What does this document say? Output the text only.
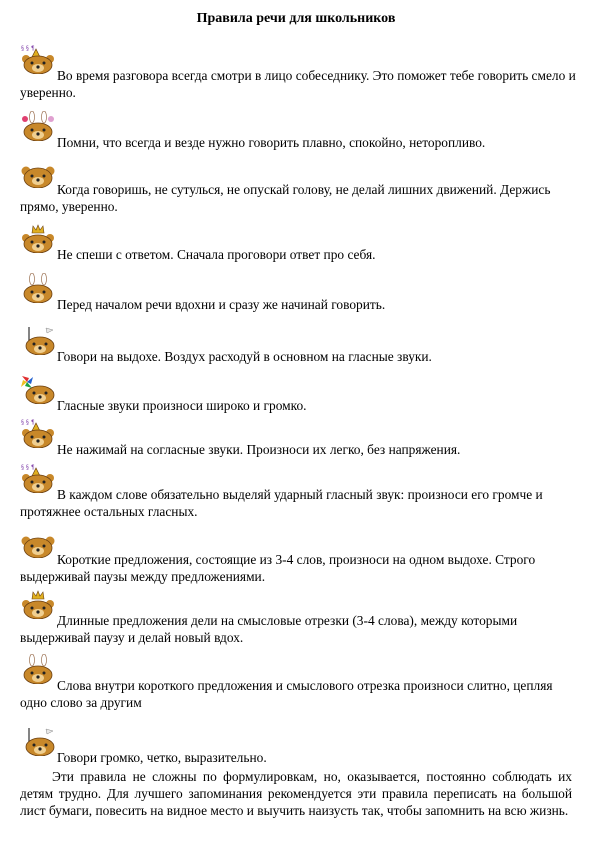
Правила речи для школьников
§ § ¶
Во время разговора всегда смотри в лицо собеседнику. Это поможет тебе говорить смело и уверенно.
Помни, что всегда и везде нужно говорить плавно, спокойно, неторопливо.
Когда говоришь, не сутулься, не опускай голову, не делай лишних движений. Держись прямо, уверенно.
Не спеши с ответом. Сначала проговори ответ про себя.
Перед началом речи вдохни и сразу же начинай говорить.
Говори на выдохе. Воздух расходуй в основном на гласные звуки.
Гласные звуки произноси широко и громко.
§ § ¶
Не нажимай на согласные звуки. Произноси их легко, без напряжения.
§ § ¶
В каждом слове обязательно выделяй ударный гласный звук: произноси его громче и протяжнее остальных гласных.
Короткие предложения, состоящие из 3-4 слов, произноси на одном выдохе. Строго выдерживай паузы между предложениями.
Длинные предложения дели на смысловые отрезки (3-4 слова), между которыми выдерживай паузу и делай новый вдох.
Слова внутри короткого предложения и смыслового отрезка произноси слитно, цепляя одно слово за другим
Говори громко, четко, выразительно.
Эти правила не сложны по формулировкам, но, оказывается, постоянно соблюдать их детям трудно. Для лучшего запоминания рекомендуется эти правила переписать на большой лист бумаги, повесить на видное место и выучить наизусть так, чтобы запомнить на всю жизнь.
